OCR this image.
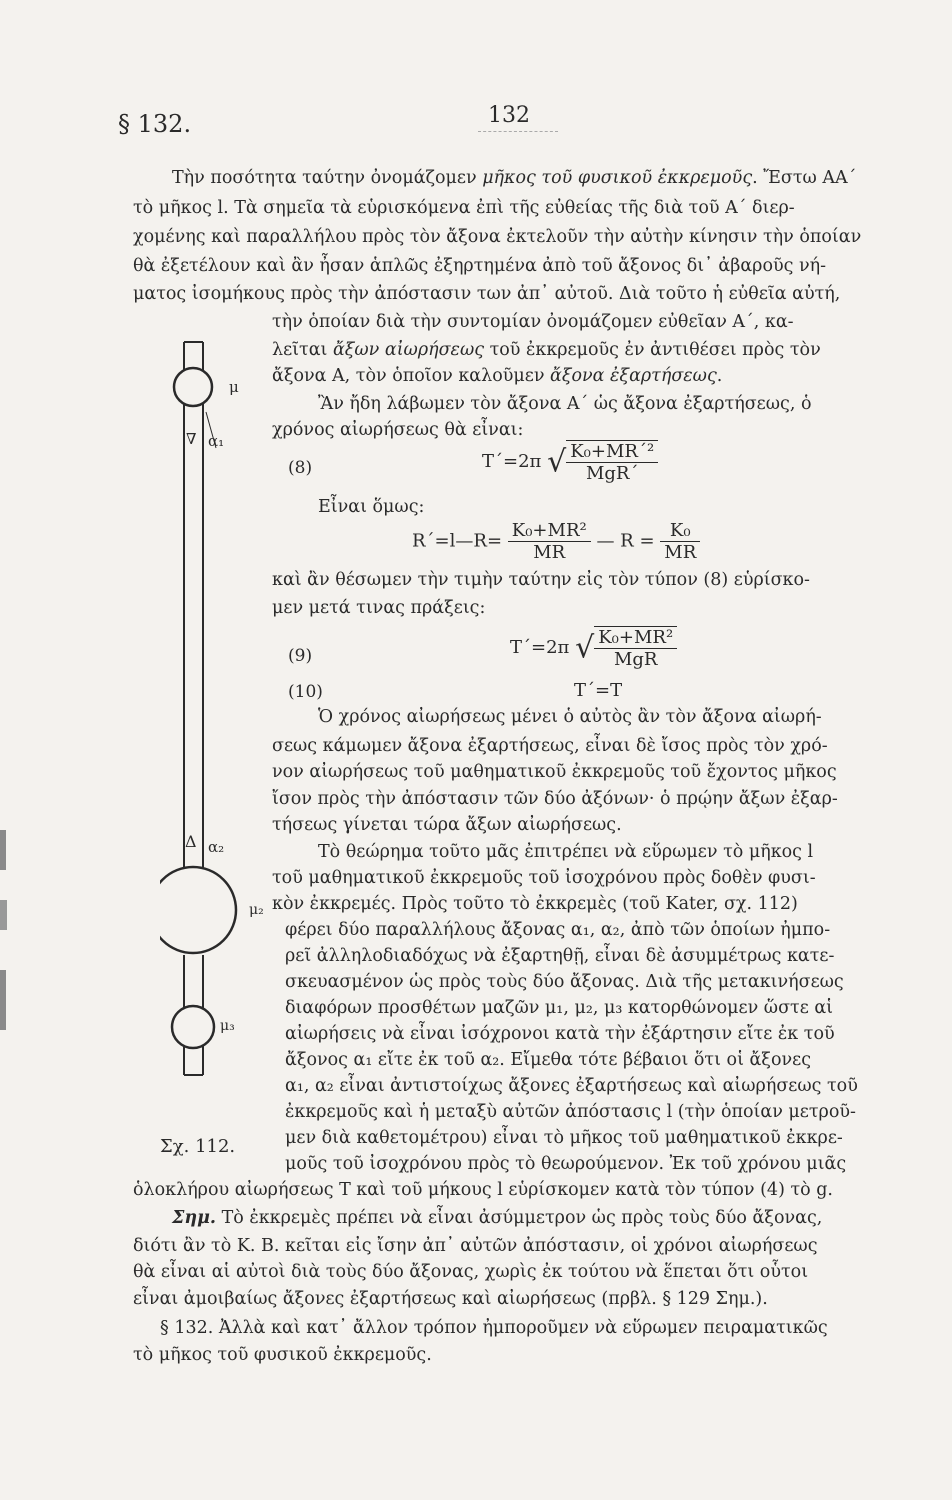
§ 132.	132
Τὴν ποσότητα ταύτην ὀνομάζομεν μῆκος τοῦ φυσικοῦ ἐκκρεμοῦς. Ἔστω ΑΑ΄
τὸ μῆκος l. Τὰ σημεῖα τὰ εὑρισκόμενα ἐπὶ τῆς εὐθείας τῆς διὰ τοῦ Α΄ διερ-
χομένης καὶ παραλλήλου πρὸς τὸν ἄξονα ἐκτελοῦν τὴν αὐτὴν κίνησιν τὴν ὁποίαν
θὰ ἐξετέλουν καὶ ἂν ἦσαν ἁπλῶς ἐξηρτημένα ἀπὸ τοῦ ἄξονος δι᾽ ἀβαροῦς νή-
ματος ἰσομήκους πρὸς τὴν ἀπόστασιν των ἀπ᾽ αὐτοῦ. Διὰ τοῦτο ἡ εὐθεῖα αὐτή,
τὴν ὁποίαν διὰ τὴν συντομίαν ὀνομάζομεν εὐθεῖαν Α΄, κα-
λεῖται ἄξων αἰωρήσεως τοῦ ἐκκρεμοῦς ἐν ἀντιθέσει πρὸς τὸν
ἄξονα Α, τὸν ὁποῖον καλοῦμεν ἄξονα ἐξαρτήσεως.
Ἂν ἤδη λάβωμεν τὸν ἄξονα Α΄ ὡς ἄξονα ἐξαρτήσεως, ὁ
χρόνος αἰωρήσεως θὰ εἶναι:
(8)	T΄=2π √ $\frac{\text{K₀+MR΄²}}{\text{MgR΄}}$
Εἶναι ὅμως:
R΄=l—R= $\frac{\text{K₀+MR²}}{MR}$ — $R = \frac{\text{K₀}}{MR}$
καὶ ἂν θέσωμεν τὴν τιμὴν ταύτην εἰς τὸν τύπον (8) εὑρίσκο-
μεν μετά τινας πράξεις:
(9)	T΄=2π √ $\frac{\text{K₀+MR²}}{\text{MgR}}$
(10)	T΄=T
Ὁ χρόνος αἰωρήσεως μένει ὁ αὐτὸς ἂν τὸν ἄξονα αἰωρή-
σεως κάμωμεν ἄξονα ἐξαρτήσεως, εἶναι δὲ ἴσος πρὸς τὸν χρό-
νον αἰωρήσεως τοῦ μαθηματικοῦ ἐκκρεμοῦς τοῦ ἔχοντος μῆκος
ἴσον πρὸς τὴν ἀπόστασιν τῶν δύο ἀξόνων· ὁ πρῴην ἄξων ἐξαρ-
τήσεως γίνεται τώρα ἄξων αἰωρήσεως.
Τὸ θεώρημα τοῦτο μᾶς ἐπιτρέπει νὰ εὕρωμεν τὸ μῆκος l
τοῦ μαθηματικοῦ ἐκκρεμοῦς τοῦ ἰσοχρόνου πρὸς δοθὲν φυσι-
κὸν ἐκκρεμές. Πρὸς τοῦτο τὸ ἐκκρεμὲς (τοῦ Kater, σχ. 112)
φέρει δύο παραλλήλους ἄξονας α₁, α₂, ἀπὸ τῶν ὁποίων ἠμπο-
ρεῖ ἀλληλοδιαδόχως νὰ ἐξαρτηθῇ, εἶναι δὲ ἀσυμμέτρως κατε-
σκευασμένον ὡς πρὸς τοὺς δύο ἄξονας. Διὰ τῆς μετακινήσεως
διαφόρων προσθέτων μαζῶν μ₁, μ₂, μ₃ κατορθώνομεν ὥστε αἱ
αἰωρήσεις νὰ εἶναι ἰσόχρονοι κατὰ τὴν ἐξάρτησιν εἴτε ἐκ τοῦ
ἄξονος α₁ εἴτε ἐκ τοῦ α₂. Εἴμεθα τότε βέβαιοι ὅτι οἱ ἄξονες
α₁, α₂ εἶναι ἀντιστοίχως ἄξονες ἐξαρτήσεως καὶ αἰωρήσεως τοῦ
ἐκκρεμοῦς καὶ ἡ μεταξὺ αὐτῶν ἀπόστασις l (τὴν ὁποίαν μετροῦ-
μεν διὰ καθετομέτρου) εἶναι τὸ μῆκος τοῦ μαθηματικοῦ ἐκκρε-
μοῦς τοῦ ἰσοχρόνου πρὸς τὸ θεωρούμενον. Ἐκ τοῦ χρόνου μιᾶς
ὁλοκλήρου αἰωρήσεως T καὶ τοῦ μήκους l εὑρίσκομεν κατὰ τὸν τύπον (4) τὸ g.
Σημ. Τὸ ἐκκρεμὲς πρέπει νὰ εἶναι ἀσύμμετρον ὡς πρὸς τοὺς δύο ἄξονας,
διότι ἂν τὸ Κ. Β. κεῖται εἰς ἴσην ἀπ᾽ αὐτῶν ἀπόστασιν, οἱ χρόνοι αἰωρήσεως
θὰ εἶναι αἱ αὐτοὶ διὰ τοὺς δύο ἄξονας, χωρὶς ἐκ τούτου νὰ ἕπεται ὅτι οὗτοι
εἶναι ἀμοιβαίως ἄξονες ἐξαρτήσεως καὶ αἰωρήσεως (πρβλ. § 129 Σημ.).
§ 132. Ἀλλὰ καὶ κατ᾽ ἄλλον τρόπον ἠμποροῦμεν νὰ εὕρωμεν πειραματικῶς
τὸ μῆκος τοῦ φυσικοῦ ἐκκρεμοῦς.
μ
∇ α₁
Δ α₂
μ₂
μ₃
Σχ. 112.
